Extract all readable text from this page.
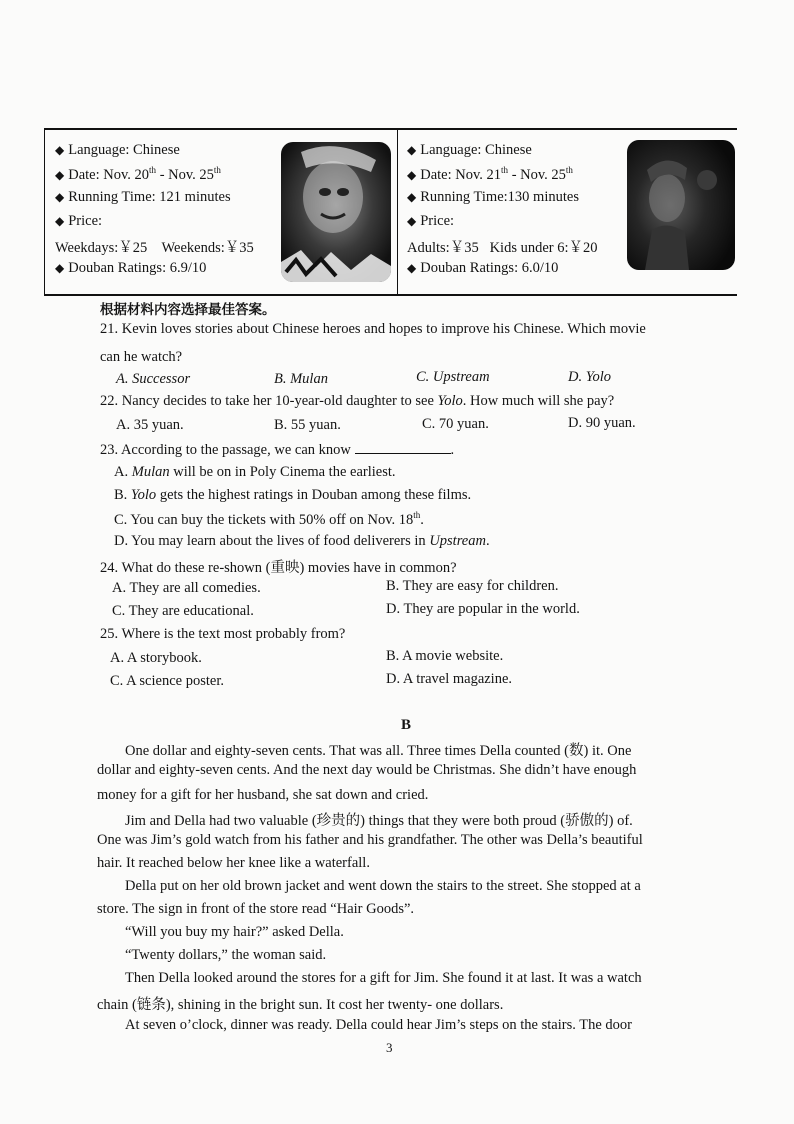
◆ Language: Chinese
◆ Date: Nov. 20th - Nov. 25th
◆ Running Time: 121 minutes
◆ Price:
Weekdays:￥25    Weekends:￥35
◆ Douban Ratings: 6.9/10
◆ Language: Chinese
◆ Date: Nov. 21th - Nov. 25th
◆ Running Time:130 minutes
◆ Price:
Adults:￥35   Kids under 6:￥20
◆ Douban Ratings: 6.0/10
根据材料内容选择最佳答案。
21. Kevin loves stories about Chinese heroes and hopes to improve his Chinese. Which movie
can he watch?
A. Successor	B. Mulan	C. Upstream	D. Yolo
22. Nancy decides to take her 10-year-old daughter to see Yolo. How much will she pay?
A. 35 yuan.	B. 55 yuan.	C. 70 yuan.	D. 90 yuan.
23. According to the passage, we can know	.
A. Mulan will be on in Poly Cinema the earliest.
B. Yolo gets the highest ratings in Douban among these films.
C. You can buy the tickets with 50% off on Nov. 18th.
D. You may learn about the lives of food deliverers in Upstream.
24. What do these re-shown (重映) movies have in common?
A. They are all comedies.	B. They are easy for children.
C. They are educational.	D. They are popular in the world.
25. Where is the text most probably from?
A. A storybook.	B. A movie website.
C. A science poster.	D. A travel magazine.
B
One dollar and eighty-seven cents. That was all. Three times Della counted (数) it. One
dollar and eighty-seven cents. And the next day would be Christmas. She didn’t have enough
money for a gift for her husband, she sat down and cried.
Jim and Della had two valuable (珍贵的) things that they were both proud (骄傲的) of.
One was Jim’s gold watch from his father and his grandfather. The other was Della’s beautiful
hair. It reached below her knee like a waterfall.
Della put on her old brown jacket and went down the stairs to the street. She stopped at a
store. The sign in front of the store read “Hair Goods”.
“Will you buy my hair?” asked Della.
“Twenty dollars,” the woman said.
Then Della looked around the stores for a gift for Jim. She found it at last. It was a watch
chain (链条), shining in the bright sun. It cost her twenty- one dollars.
At seven o’clock, dinner was ready. Della could hear Jim’s steps on the stairs. The door
3
